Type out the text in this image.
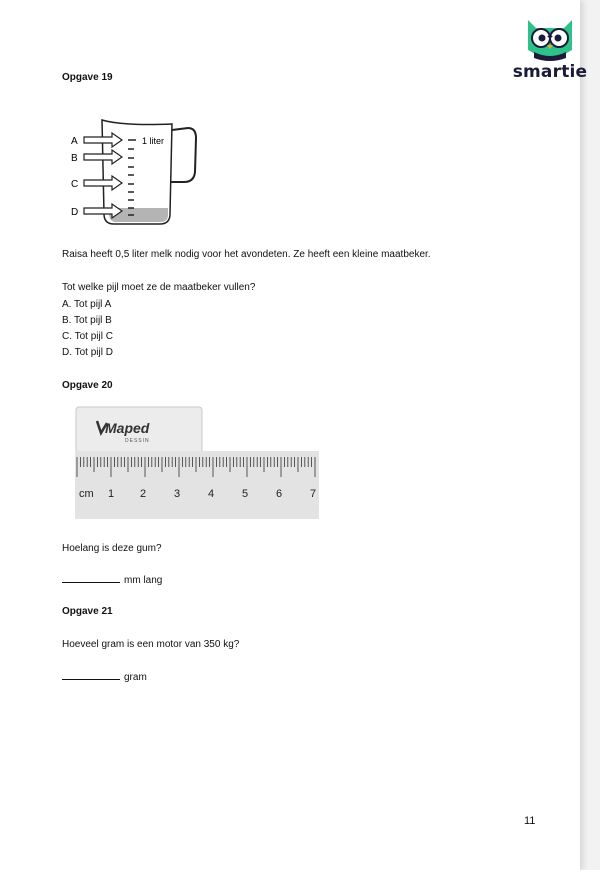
smartie
Opgave 19
1 liter
A
B
C
D
Raisa heeft 0,5 liter melk nodig voor het avondeten. Ze heeft een kleine maatbeker.
Tot welke pijl moet ze de maatbeker vullen?
A. Tot pijl A
B. Tot pijl B
C. Tot pijl C
D. Tot pijl D
Opgave 20
Maped
DESSIN
cm 1 2	3	4	5	6	7
Hoelang is deze gum?
mm lang
Opgave 21
Hoeveel gram is een motor van 350 kg?
gram
11
